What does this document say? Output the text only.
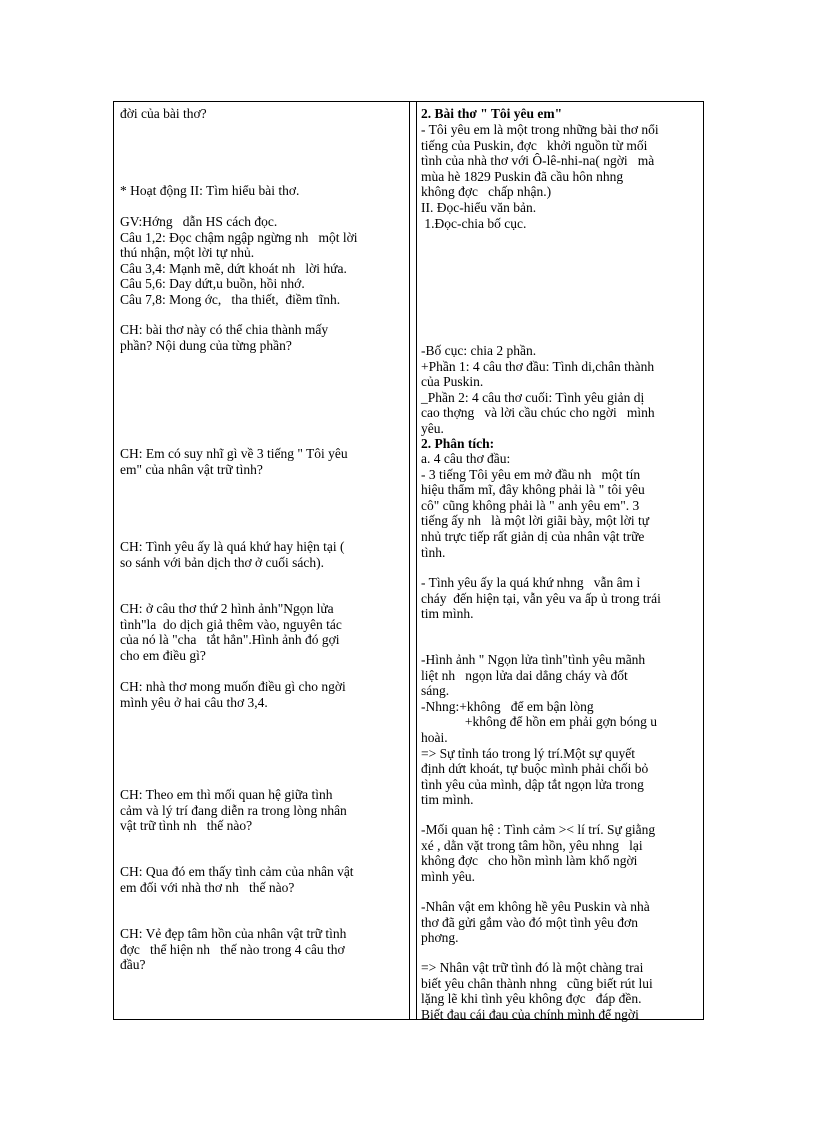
đời của bài thơ?
* Hoạt động II: Tìm hiểu bài thơ.
GV:Hớng   dẫn HS cách đọc.
Câu 1,2: Đọc chậm ngập ngừng nh   một lời
thú nhận, một lời tự nhủ.
Câu 3,4: Mạnh mẽ, dứt khoát nh   lời hứa.
Câu 5,6: Day dứt,u buồn, hồi nhớ.
Câu 7,8: Mong ớc,   tha thiết,  điềm tĩnh.
CH: bài thơ này có thể chia thành mấy
phần? Nội dung của từng phần?
CH: Em có suy nhĩ gì về 3 tiếng " Tôi yêu
em" của nhân vật trữ tình?
CH: Tình yêu ấy là quá khứ hay hiện tại (
so sánh với bản dịch thơ ở cuối sách).
CH: ở câu thơ thứ 2 hình ảnh"Ngọn lửa
tình"la  do dịch giả thêm vào, nguyên tác
của nó là "cha   tắt hẳn".Hình ảnh đó gợi
cho em điều gì?
CH: nhà thơ mong muốn điều gì cho ngời
mình yêu ở hai câu thơ 3,4.
CH: Theo em thì mối quan hệ giữa tình
cảm và lý trí đang diễn ra trong lòng nhân
vật trữ tình nh   thế nào?
CH: Qua đó em thấy tình cảm của nhân vật
em đối với nhà thơ nh   thế nào?
CH: Vẻ đẹp tâm hồn của nhân vật trữ tình
đợc   thể hiện nh   thế nào trong 4 câu thơ
đầu?
2. Bài thơ " Tôi yêu em"
- Tôi yêu em là một trong những bài thơ nổi
tiếng của Puskin, đợc   khởi nguồn từ mối
tình của nhà thơ với Ô-lê-nhi-na( ngời   mà
mùa hè 1829 Puskin đã cầu hôn nhng
không đợc   chấp nhận.)
II. Đọc-hiểu văn bản.
1.Đọc-chia bố cục.
-Bố cục: chia 2 phần.
+Phần 1: 4 câu thơ đầu: Tình di,chân thành
của Puskin.
_Phần 2: 4 câu thơ cuối: Tình yêu giản dị
cao thợng   và lời cầu chúc cho ngời   mình
yêu.
2. Phân tích:
a. 4 câu thơ đầu:
- 3 tiếng Tôi yêu em mở đầu nh   một tín
hiệu thẩm mĩ, đây không phải là " tôi yêu
cô" cũng không phải là " anh yêu em". 3
tiếng ấy nh   là một lời giãi bày, một lời tự
nhủ trực tiếp rất giản dị của nhân vật trữe
tình.
- Tình yêu ấy la quá khứ nhng   vẫn âm ỉ
cháy  đến hiện tại, vẫn yêu va ấp ủ trong trái
tim mình.
-Hình ảnh " Ngọn lửa tình"tình yêu mãnh
liệt nh   ngọn lửa dai dẳng cháy và đốt
sáng.
-Nhng:+không   để em bận lòng
+không để hồn em phải gợn bóng u
hoài.
=> Sự tỉnh táo trong lý trí.Một sự quyết
định dứt khoát, tự buộc mình phải chối bỏ
tình yêu của mình, dập tắt ngọn lửa trong
tim mình.
-Mối quan hệ : Tình cảm >< lí trí. Sự giằng
xé , dằn vặt trong tâm hồn, yêu nhng   lại
không đợc   cho hồn mình làm khổ ngời
mình yêu.
-Nhân vật em không hề yêu Puskin và nhà
thơ đã gửi gắm vào đó một tình yêu đơn
phơng.
=> Nhân vật trữ tình đó là một chàng trai
biết yêu chân thành nhng   cũng biết rút lui
lặng lẽ khi tình yêu không đợc   đáp đền.
Biết đau cái đau của chính mình để ngời
